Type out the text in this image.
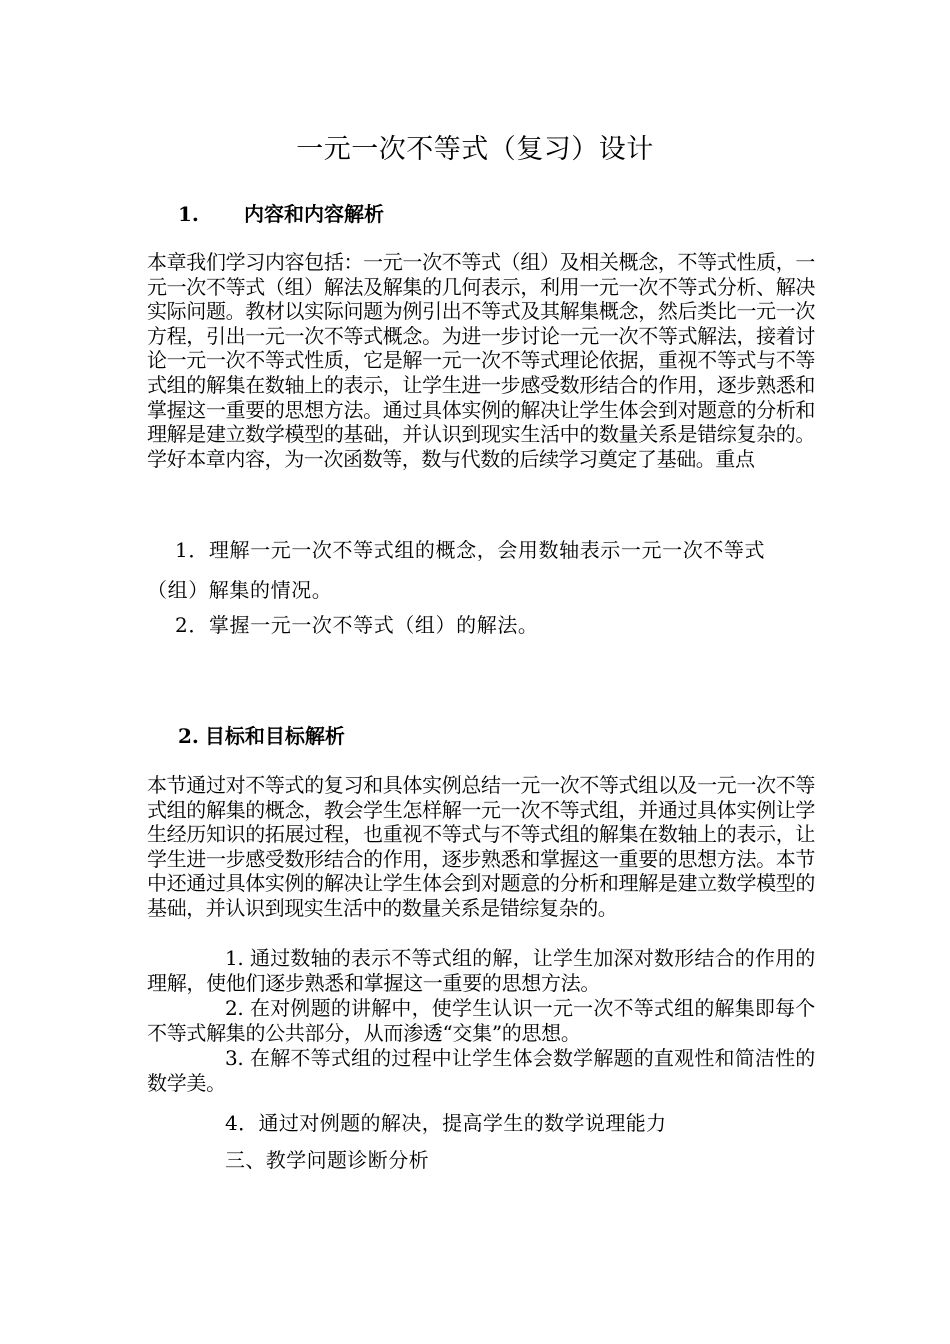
一元一次不等式（复习）设计
1. 内容和内容解析
本章我们学习内容包括：一元一次不等式（组）及相关概念，不等式性质，一元一次不等式（组）解法及解集的几何表示，利用一元一次不等式分析、解决实际问题。教材以实际问题为例引出不等式及其解集概念，然后类比一元一次方程，引出一元一次不等式概念。为进一步讨论一元一次不等式解法，接着讨论一元一次不等式性质，它是解一元一次不等式理论依据，重视不等式与不等式组的解集在数轴上的表示，让学生进一步感受数形结合的作用，逐步熟悉和掌握这一重要的思想方法。通过具体实例的解决让学生体会到对题意的分析和理解是建立数学模型的基础，并认识到现实生活中的数量关系是错综复杂的。学好本章内容，为一次函数等，数与代数的后续学习奠定了基础。重点
1．理解一元一次不等式组的概念，会用数轴表示一元一次不等式（组）解集的情况。
2．掌握一元一次不等式（组）的解法。
2. 目标和目标解析
本节通过对不等式的复习和具体实例总结一元一次不等式组以及一元一次不等式组的解集的概念，教会学生怎样解一元一次不等式组，并通过具体实例让学生经历知识的拓展过程，也重视不等式与不等式组的解集在数轴上的表示，让学生进一步感受数形结合的作用，逐步熟悉和掌握这一重要的思想方法。本节中还通过具体实例的解决让学生体会到对题意的分析和理解是建立数学模型的基础，并认识到现实生活中的数量关系是错综复杂的。
1. 通过数轴的表示不等式组的解，让学生加深对数形结合的作用的理解，使他们逐步熟悉和掌握这一重要的思想方法。
2. 在对例题的讲解中，使学生认识一元一次不等式组的解集即每个不等式解集的公共部分，从而渗透“交集”的思想。
3. 在解不等式组的过程中让学生体会数学解题的直观性和简洁性的数学美。
4．通过对例题的解决，提高学生的数学说理能力
三、教学问题诊断分析
